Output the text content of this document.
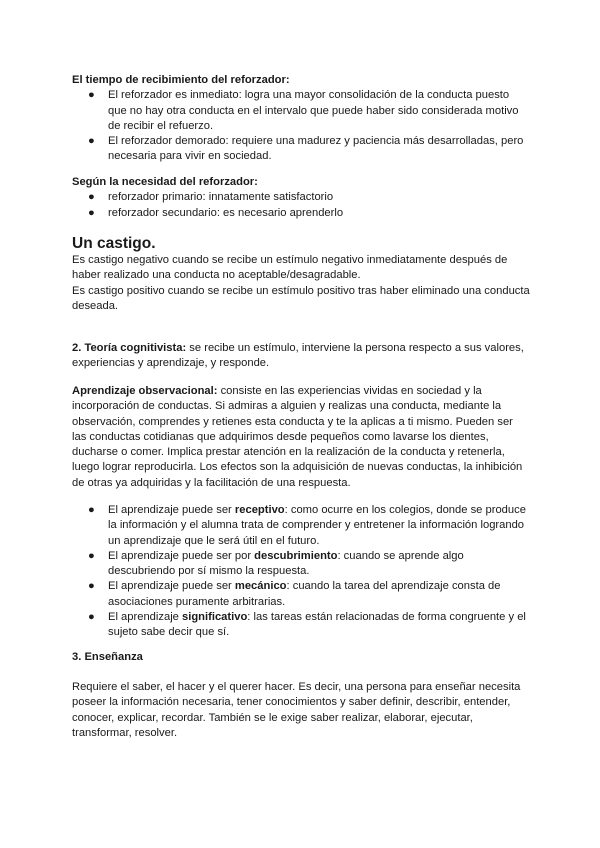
El tiempo de recibimiento del reforzador:

● El reforzador es inmediato: logra una mayor consolidación de la conducta puesto que no hay otra conducta en el intervalo que puede haber sido considerada motivo de recibir el refuerzo.
● El reforzador demorado: requiere una madurez y paciencia más desarrolladas, pero necesaria para vivir en sociedad.

Según la necesidad del reforzador:

● reforzador primario: innatamente satisfactorio
● reforzador secundario: es necesario aprenderlo

Un castigo.

Es castigo negativo cuando se recibe un estímulo negativo inmediatamente después de haber realizado una conducta no aceptable/desagradable.

Es castigo positivo cuando se recibe un estímulo positivo tras haber eliminado una conducta deseada.

2. Teoría cognitivista: se recibe un estímulo, interviene la persona respecto a sus valores, experiencias y aprendizaje, y responde.

Aprendizaje observacional: consiste en las experiencias vividas en sociedad y la incorporación de conductas. Si admiras a alguien y realizas una conducta, mediante la observación, comprendes y retienes esta conducta y te la aplicas a ti mismo. Pueden ser las conductas cotidianas que adquirimos desde pequeños como lavarse los dientes, ducharse o comer. Implica prestar atención en la realización de la conducta y retenerla, luego lograr reproducirla. Los efectos son la adquisición de nuevas conductas, la inhibición de otras ya adquiridas y la facilitación de una respuesta.

● El aprendizaje puede ser receptivo: como ocurre en los colegios, donde se produce la información y el alumna trata de comprender y entretener la información logrando un aprendizaje que le será útil en el futuro.
● El aprendizaje puede ser por descubrimiento: cuando se aprende algo descubriendo por sí mismo la respuesta.
● El aprendizaje puede ser mecánico: cuando la tarea del aprendizaje consta de asociaciones puramente arbitrarias.
● El aprendizaje significativo: las tareas están relacionadas de forma congruente y el sujeto sabe decir que sí.

3. Enseñanza

Requiere el saber, el hacer y el querer hacer. Es decir, una persona para enseñar necesita poseer la información necesaria, tener conocimientos y saber definir, describir, entender, conocer, explicar, recordar. También se le exige saber realizar, elaborar, ejecutar, transformar, resolver.
